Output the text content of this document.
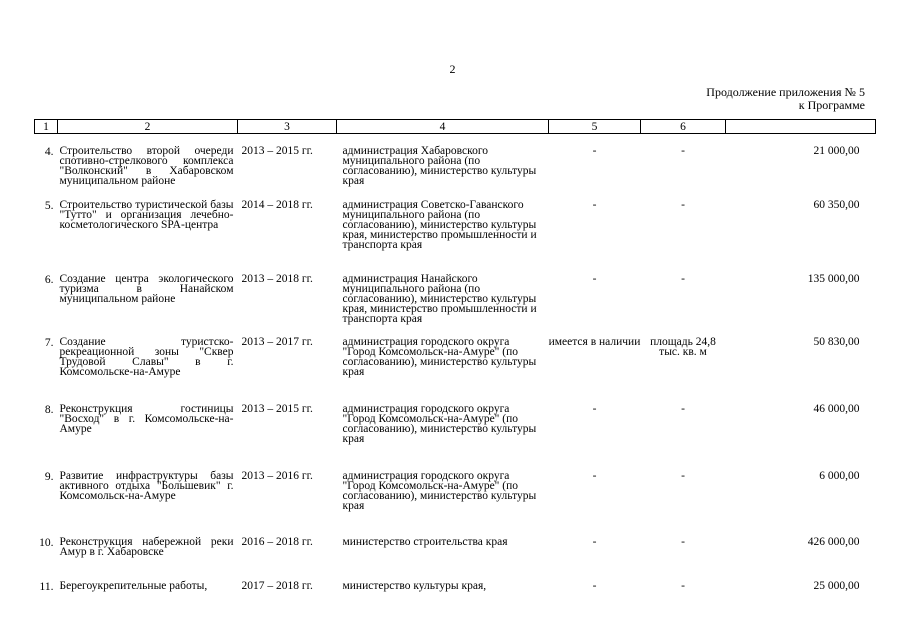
2
Продолжение приложения № 5
к Программе
1	2	3	4	5	6	

4.	Строительство второй очереди спотивно-стрелкового комплекса "Волконский" в Хабаровском муниципальном районе	2013 – 2015 гг.	администрация Хабаровского муниципального района (по согласованию), министерство культуры края	-	-	21 000,00
5.	Строительство туристической базы "Тутто" и организация лечебно-косметологического SPA-центра	2014 – 2018 гг.	администрация Советско-Гаванского муниципального района (по согласованию), министерство культуры края, министерство промышленности и транспорта края	-	-	60 350,00
6.	Создание центра экологического туризма в Нанайском муниципальном районе	2013 – 2018 гг.	администрация Нанайского муниципального района (по согласованию), министерство культуры края, министерство промышленности и транспорта края	-	-	135 000,00
7.	Создание туристско-рекреационной зоны "Сквер Трудовой Славы" в г. Комсомольске-на-Амуре	2013 – 2017 гг.	администрация городского округа "Город Комсомольск-на-Амуре" (по согласованию), министерство культуры края	имеется в наличии	площадь 24,8 тыс. кв. м	50 830,00
8.	Реконструкция гостиницы "Восход" в г. Комсомольске-на-Амуре	2013 – 2015 гг.	администрация городского округа "Город Комсомольск-на-Амуре" (по согласованию), министерство культуры края	-	-	46 000,00
9.	Развитие инфраструктуры базы активного отдыха "Большевик" г. Комсомольск-на-Амуре	2013 – 2016 гг.	администрация городского округа "Город Комсомольск-на-Амуре" (по согласованию), министерство культуры края	-	-	6 000,00
10.	Реконструкция набережной реки Амур в г. Хабаровске	2016 – 2018 гг.	министерство строительства края	-	-	426 000,00
11.	Берегоукрепительные работы,	2017 – 2018 гг.	министерство культуры края,	-	-	25 000,00
